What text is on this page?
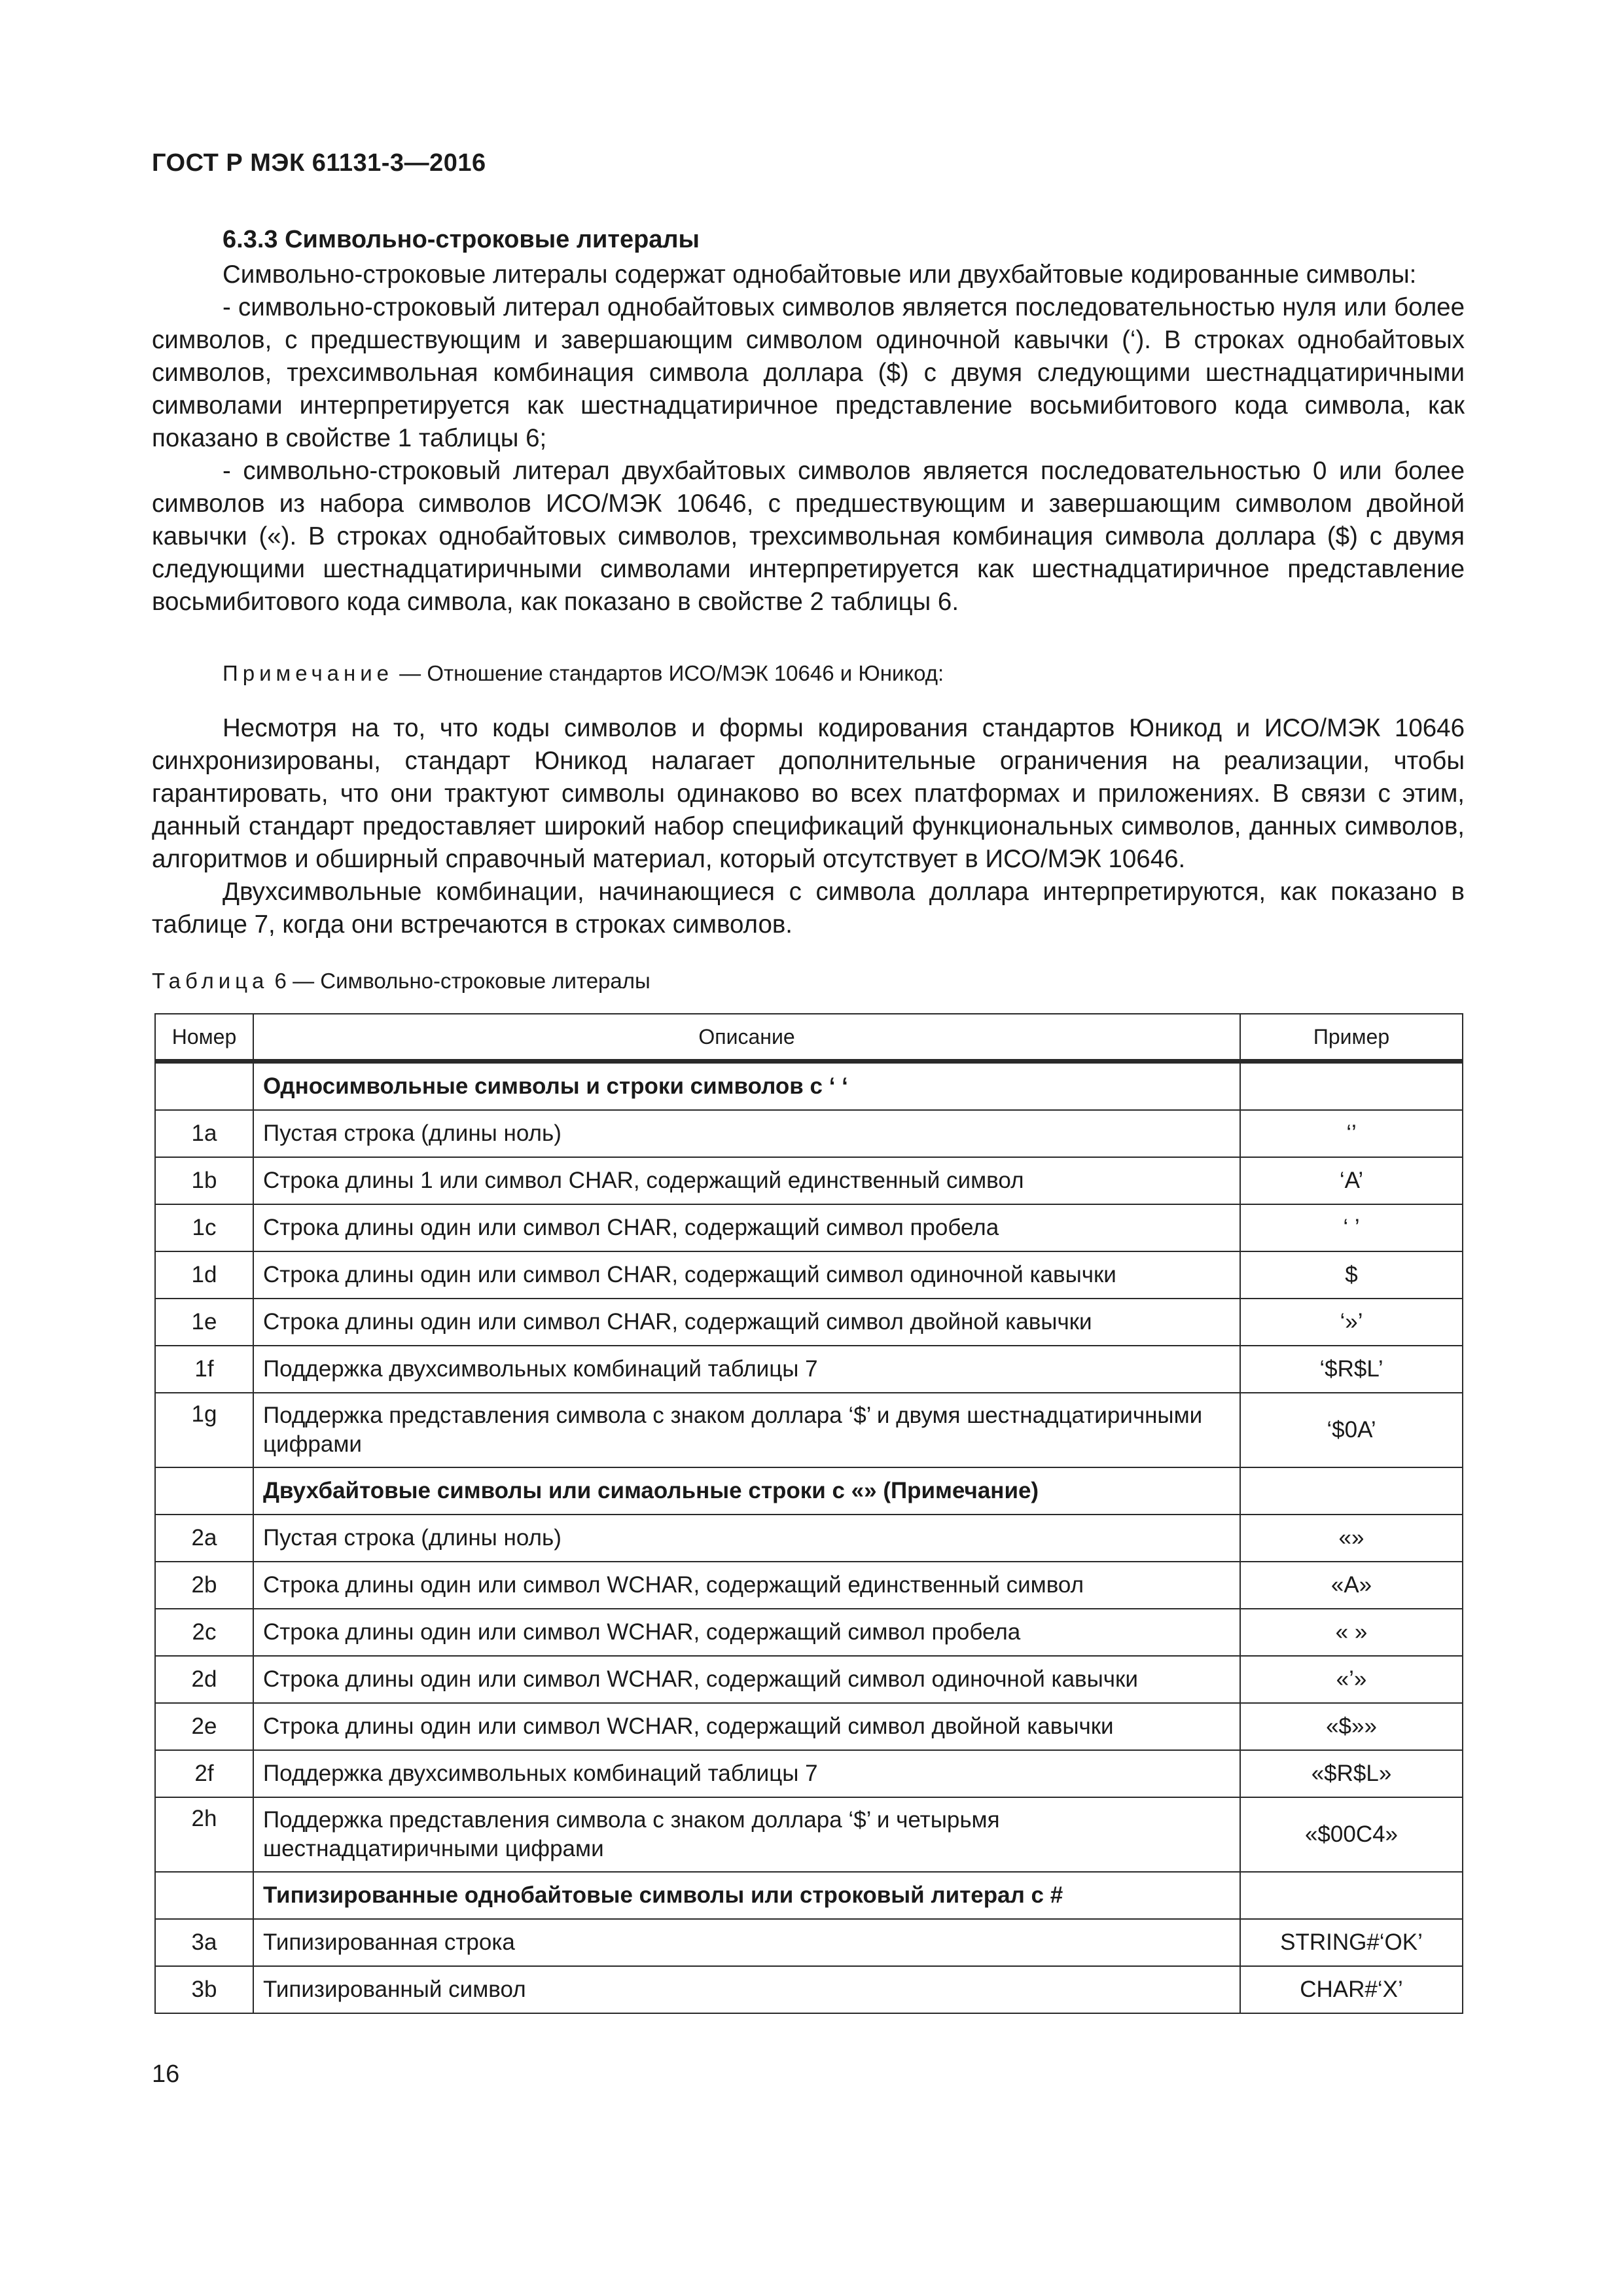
ГОСТ Р МЭК 61131-3—2016
6.3.3 Символьно-строковые литералы

Символьно-строковые литералы содержат однобайтовые или двухбайтовые кодированные символы:

- символьно-строковый литерал однобайтовых символов является последовательностью нуля или более символов, с предшествующим и завершающим символом одиночной кавычки (‘). В строках однобайтовых символов, трехсимвольная комбинация символа доллара ($) с двумя следующими шестнадцатиричными символами интерпретируется как шестнадцатиричное представление восьмибитового кода символа, как показано в свойстве 1 таблицы 6;

- символьно-строковый литерал двухбайтовых символов является последовательностью 0 или более символов из набора символов ИСО/МЭК 10646, с предшествующим и завершающим символом двойной кавычки («). В строках однобайтовых символов, трехсимвольная комбинация символа доллара ($) с двумя следующими шестнадцатиричными символами интерпретируется как шестнадцатиричное представление восьмибитового кода символа, как показано в свойстве 2 таблицы 6.

Примечание — Отношение стандартов ИСО/МЭК 10646 и Юникод:

Несмотря на то, что коды символов и формы кодирования стандартов Юникод и ИСО/МЭК 10646 синхронизированы, стандарт Юникод налагает дополнительные ограничения на реализации, чтобы гарантировать, что они трактуют символы одинаково во всех платформах и приложениях. В связи с этим, данный стандарт предоставляет широкий набор спецификаций функциональных символов, данных символов, алгоритмов и обширный справочный материал, который отсутствует в ИСО/МЭК 10646.

Двухсимвольные комбинации, начинающиеся с символа доллара интерпретируются, как показано в таблице 7, когда они встречаются в строках символов.

Таблица 6 — Символьно-строковые литералы
Номер	Описание	Пример
	Односимвольные символы и строки символов с ‘ ‘	
1a	Пустая строка (длины ноль)	‘’
1b	Строка длины 1 или символ CHAR, содержащий единственный символ	‘A’
1c	Строка длины один или символ CHAR, содержащий символ пробела	‘ ’
1d	Строка длины один или символ CHAR, содержащий символ одиночной кавычки	$
1e	Строка длины один или символ CHAR, содержащий символ двойной кавычки	‘»’
1f	Поддержка двухсимвольных комбинаций таблицы 7	‘$R$L’
1g	Поддержка представления символа с знаком доллара ‘$’ и двумя шестнадцатиричными цифрами	‘$0A’
	Двухбайтовые символы или симаольные строки с «» (Примечание)	
2a	Пустая строка (длины ноль)	«»
2b	Строка длины один или символ WCHAR, содержащий единственный символ	«A»
2c	Строка длины один или символ WCHAR, содержащий символ пробела	« »
2d	Строка длины один или символ WCHAR, содержащий символ одиночной кавычки	«’»
2e	Строка длины один или символ WCHAR, содержащий символ двойной кавычки	«$»»
2f	Поддержка двухсимвольных комбинаций таблицы 7	«$R$L»
2h	Поддержка представления символа с знаком доллара ‘$’ и четырьмя шестнадцатиричными цифрами	«$00C4»
	Типизированные однобайтовые символы или строковый литерал с #	
3a	Типизированная строка	STRING#‘OK’
3b	Типизированный символ	CHAR#‘X’
16
